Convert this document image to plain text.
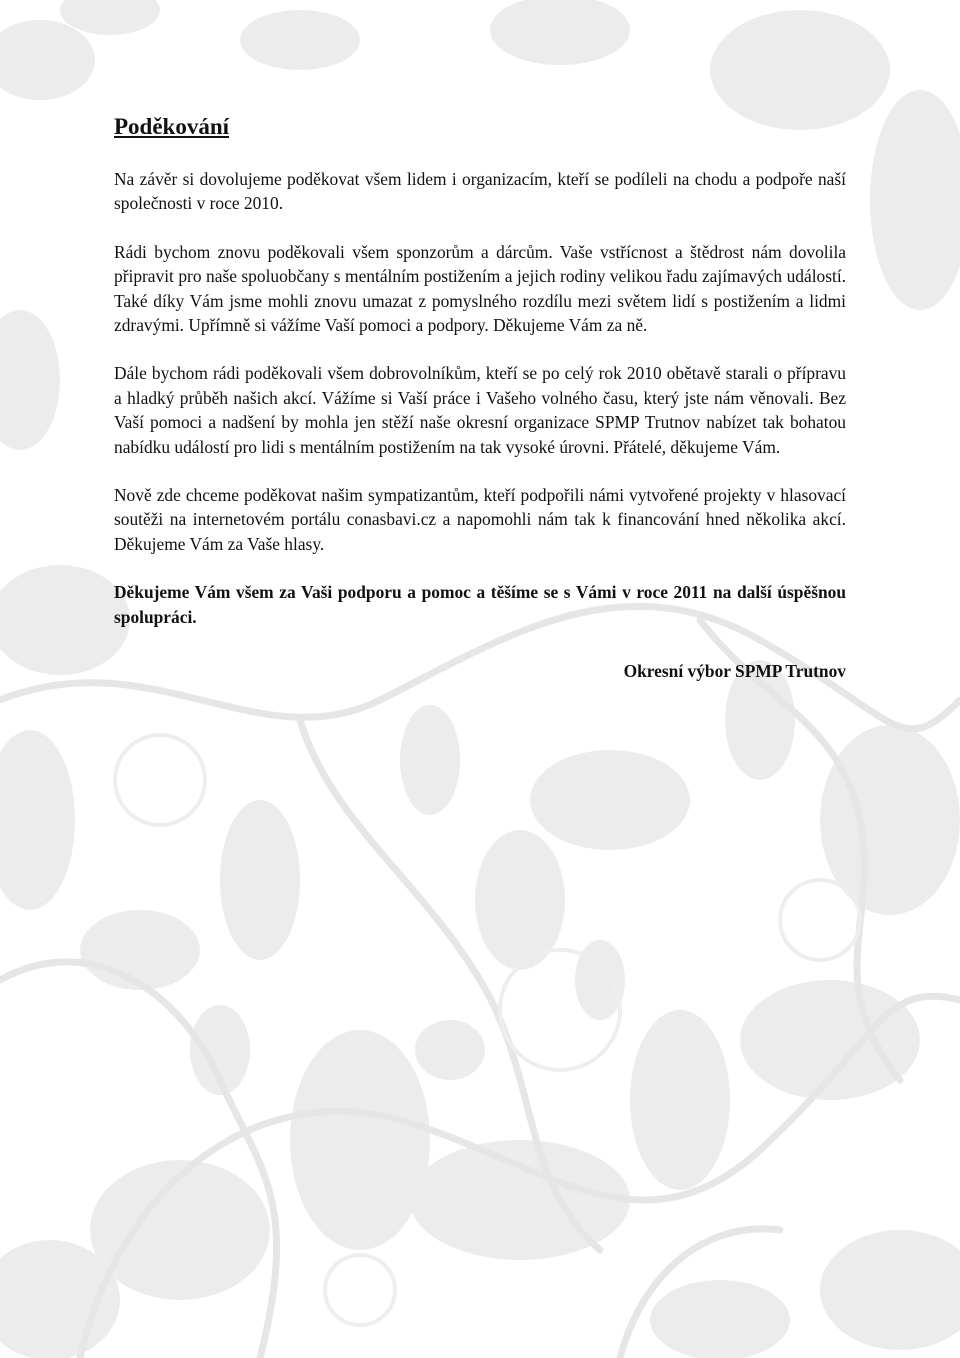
Poděkování

Na závěr si dovolujeme poděkovat všem lidem i organizacím, kteří se podíleli na chodu a podpoře naší společnosti v roce 2010.

Rádi bychom znovu poděkovali všem sponzorům a dárcům. Vaše vstřícnost a štědrost nám dovolila připravit pro naše spoluobčany s mentálním postižením a jejich rodiny velikou řadu zajímavých událostí. Také díky Vám jsme mohli znovu umazat z pomyslného rozdílu mezi světem lidí s postižením a lidmi zdravými. Upřímně si vážíme Vaší pomoci a podpory. Děkujeme Vám za ně.

Dále bychom rádi poděkovali všem dobrovolníkům, kteří se po celý rok 2010 obětavě starali o přípravu a hladký průběh našich akcí. Vážíme si Vaší práce i Vašeho volného času, který jste nám věnovali. Bez Vaší pomoci a nadšení by mohla jen stěží naše okresní organizace SPMP Trutnov nabízet tak bohatou nabídku událostí pro lidi s mentálním postižením na tak vysoké úrovni. Přátelé, děkujeme Vám.

Nově zde chceme poděkovat našim sympatizantům, kteří podpořili námi vytvořené projekty v hlasovací soutěži na internetovém portálu conasbavi.cz a napomohli nám tak k financování hned několika akcí. Děkujeme Vám za Vaše hlasy.

Děkujeme Vám všem za Vaši podporu a pomoc a těšíme se s Vámi v roce 2011 na další úspěšnou spolupráci.

Okresní výbor SPMP Trutnov
